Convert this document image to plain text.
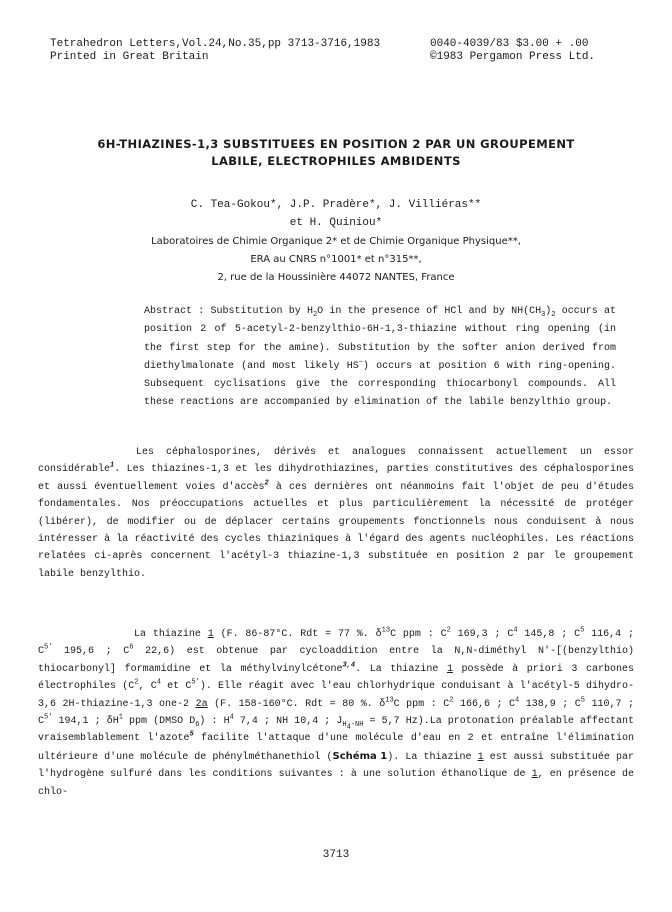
Tetrahedron Letters,Vol.24,No.35,pp 3713-3716,1983
Printed in Great Britain
0040-4039/83 $3.00 + .00
©1983 Pergamon Press Ltd.
6H-THIAZINES-1,3 SUBSTITUEES EN POSITION 2 PAR UN GROUPEMENT
LABILE, ELECTROPHILES AMBIDENTS
C. Tea-Gokou*, J.P. Pradère*, J. Villiéras**
et H. Quiniou*
Laboratoires de Chimie Organique 2* et de Chimie Organique Physique**,
ERA au CNRS n°1001* et n°315**,
2, rue de la Houssinière 44072 NANTES, France
Abstract : Substitution by $H_2O$ in the presence of HCl and by $NH(CH_3)_2$ occurs at position 2 of 5-acetyl-2-benzylthio-6H-1,3-thiazine without ring opening (in the first step for the amine). Substitution by the softer anion derived from diethylmalonate (and most likely HS−) occurs at position 6 with ring-opening. Subsequent cyclisations give the corresponding thiocarbonyl compounds. All these reactions are accompanied by elimination of the labile benzylthio group.
Les céphalosporines, dérivés et analogues connaissent actuellement un essor considérable$^1$. Les thiazines-1,3 et les dihydrothiazines, parties constitutives des céphalosporines et aussi éventuellement voies d'accès$^2$ à ces dernières ont néanmoins fait l'objet de peu d'études fondamentales. Nos préoccupations actuelles et plus particulièrement la nécessité de protéger (libérer), de modifier ou de déplacer certains groupements fonctionnels nous conduisent à nous intéresser à la réactivité des cycles thiaziniques à l'égard des agents nucléophiles. Les réactions relatées ci-après concernent l'acétyl-3 thiazine-1,3 substituée en position 2 par le groupement labile benzylthio.
La thiazine 1 (F. 86-87°C. Rdt = 77 %. $\delta^{13}C$ ppm : $C^2$ 169,3 ; $C^4$ 145,8 ; $C^5$ 116,4 ; $C^{5'}$ 195,6 ; $C^6$ 22,6) est obtenue par cycloaddition entre la N,N-diméthyl N'-[(benzylthio) thiocarbonyl] formamidine et la méthylvinylcétone$^{3,4}$. La thiazine 1 possède à priori 3 carbones électrophiles ($C^2$, $C^4$ et $C^{5'}$). Elle réagit avec l'eau chlorhydrique conduisant à l'acétyl-5 dihydro-3,6 2H-thiazine-1,3 one-2 2a (F. 158-160°C. Rdt = 80 %. $\delta^{13}C$ ppm : $C^2$ 166,6 ; $C^4$ 138,9 ; $C^5$ 110,7 ; $C^{5'}$ 194,1 ; $\delta H^1$ ppm (DMSO $D_6$) : $H^4$ 7,4 ; NH 10,4 ; $J_{H_4-NH} = 5,7$ Hz).La protonation préalable affectant vraisemblablement l'azote$^5$ facilite l'attaque d'une molécule d'eau en 2 et entraîne l'élimination ultérieure d'une molécule de phénylméthanethiol (Schéma 1). La thiazine 1 est aussi substituée par l'hydrogène sulfuré dans les conditions suivantes : à une solution éthanolique de 1, en présence de chlo-
3713
